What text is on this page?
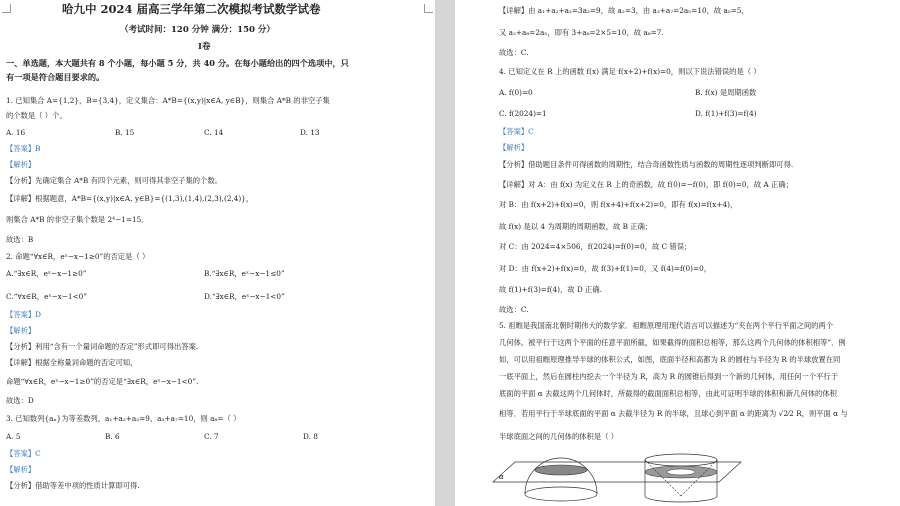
哈九中 2024 届高三学年第二次模拟考试数学试卷
（考试时间：120 分钟 满分：150 分）
I卷
一、单选题，本大题共有 8 个小题，每小题 5 分，共 40 分。在每小题给出的四个选项中，只
有一项是符合题目要求的。
1. 已知集合 A={1,2}，B={3,4}，定义集合：A*B={(x,y)|x∈A, y∈B}，则集合 A*B 的非空子集
的个数是（ ）个。
A. 16	B. 15	C. 14	D. 13
【答案】B
【解析】
【分析】先确定集合 A*B 有四个元素，则可得其非空子集的个数。
【详解】根据题意，A*B={(x,y)|x∈A, y∈B}={(1,3),(1,4),(2,3),(2,4)}，
则集合 A*B 的非空子集个数是 2⁴−1=15．
故选：B
2. 命题“∀x∈R，eˣ−x−1≥0”的否定是（ ）
A.“∃x∈R，eˣ−x−1≥0”	B.“∃x∈R，eˣ−x−1≤0”
C.“∀x∈R，eˣ−x−1<0”	D.“∃x∈R，eˣ−x−1<0”
【答案】D
【解析】
【分析】利用“含有一个量词命题的否定”形式即可得出答案.
【详解】根据全称量词命题的否定可知，
命题“∀x∈R，eˣ−x−1≥0”的否定是“∃x∈R，eˣ−x−1<0”.
故选：D
3. 已知数列{aₙ}为等差数列，a₁+a₂+a₃=9，a₃+a₇=10，则 a₈=（ ）
A. 5	B. 6	C. 7	D. 8
【答案】C
【解析】
【分析】借助等差中项的性质计算即可得.
【详解】由 a₁+a₂+a₃=3a₂=9，故 a₂=3，由 a₃+a₇=2a₅=10，故 a₅=5，
又 a₂+a₈=2a₅，即有 3+a₈=2×5=10，故 a₈=7.
故选：C.
4. 已知定义在 R 上的函数 f(x) 满足 f(x+2)+f(x)=0，则以下说法错误的是（ ）
A. f(0)=0	B. f(x) 是周期函数
C. f(2024)=1	D. f(1)+f(3)=f(4)
【答案】C
【解析】
【分析】借助题目条件可得函数的周期性，结合奇函数性质与函数的周期性逐项判断即可得.
【详解】对 A：由 f(x) 为定义在 R 上的奇函数，故 f(0)=−f(0)，即 f(0)=0，故 A 正确；
对 B：由 f(x+2)+f(x)=0，则 f(x+4)+f(x+2)=0，即有 f(x)=f(x+4)，
故 f(x) 是以 4 为周期的周期函数，故 B 正确；
对 C：由 2024=4×506，f(2024)=f(0)=0，故 C 错误；
对 D：由 f(x+2)+f(x)=0，故 f(3)+f(1)=0，又 f(4)=f(0)=0，
故 f(1)+f(3)=f(4)，故 D 正确.
故选：C.
5. 祖暅是我国南北朝时期伟大的数学家．祖暅原理用现代语言可以描述为“夹在两个平行平面之间的两个
几何体，被平行于这两个平面的任意平面所截，如果截得的面积总相等，那么这两个几何体的体积相等”．例
如，可以用祖暅原理推导半球的体积公式，如图，底面半径和高都为 R 的圆柱与半径为 R 的半球放置在同
一底平面上，然后在圆柱内挖去一个半径为 R，高为 R 的圆锥后得到一个新的几何体，用任何一个平行于
底面的平面 α 去截这两个几何体时，所截得的截面面积总相等，由此可证明半球的体积和新几何体的体积
相等．若用平行于半球底面的平面 α 去截半径为 R 的半球，且球心到平面 α 的距离为 √2⁄2 R，则平面 α 与
半球底面之间的几何体的体积是（ ）
α
